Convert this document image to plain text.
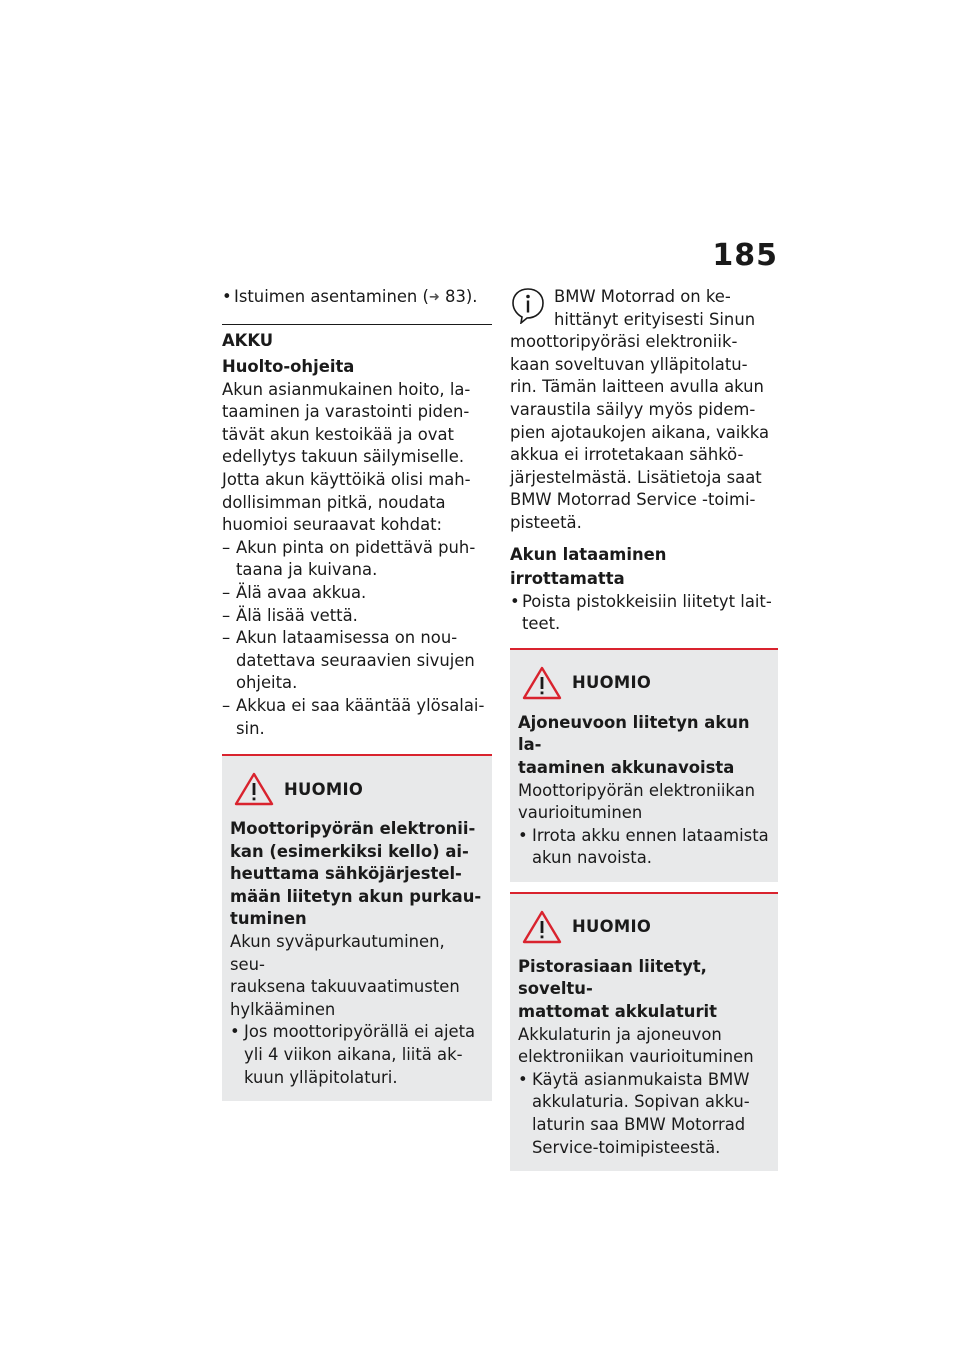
185
• Istuimen asentaminen (➜ 83).
AKKU
Huolto-ohjeita
Akun asianmukainen hoito, la-
taaminen ja varastointi piden-
tävät akun kestoikää ja ovat
edellytys takuun säilymiselle.
Jotta akun käyttöikä olisi mah-
dollisimman pitkä, noudata
huomioi seuraavat kohdat:
– Akun pinta on pidettävä puh-
taana ja kuivana.
– Älä avaa akkua.
– Älä lisää vettä.
– Akun lataamisessa on nou-
datettava seuraavien sivujen
ohjeita.
– Akkua ei saa kääntää ylösalai-
sin.
HUOMIO
Moottoripyörän elektronii-
kan (esimerkiksi kello) ai-
heuttama sähköjärjestel-
mään liitetyn akun purkau-
tuminen
Akun syväpurkautuminen, seu-
rauksena takuuvaatimusten
hylkääminen
• Jos moottoripyörällä ei ajeta
yli 4 viikon aikana, liitä ak-
kuun ylläpitolaturi.
BMW Motorrad on ke-
hittänyt erityisesti Sinun
moottoripyöräsi elektroniik-
kaan soveltuvan ylläpitolatu-
rin. Tämän laitteen avulla akun
varaustila säilyy myös pidem-
pien ajotaukojen aikana, vaikka
akkua ei irrotetakaan sähkö-
järjestelmästä. Lisätietoja saat
BMW Motorrad Service -toimi-
pisteetä.
Akun lataaminen irrottamatta
• Poista pistokkeisiin liitetyt lait-
teet.
HUOMIO
Ajoneuvoon liitetyn akun la-
taaminen akkunavoista
Moottoripyörän elektroniikan
vaurioituminen
• Irrota akku ennen lataamista
akun navoista.
HUOMIO
Pistorasiaan liitetyt, soveltu-
mattomat akkulaturit
Akkulaturin ja ajoneuvon
elektroniikan vaurioituminen
• Käytä asianmukaista BMW
akkulaturia. Sopivan akku-
laturin saa BMW Motorrad
Service-toimipisteestä.
